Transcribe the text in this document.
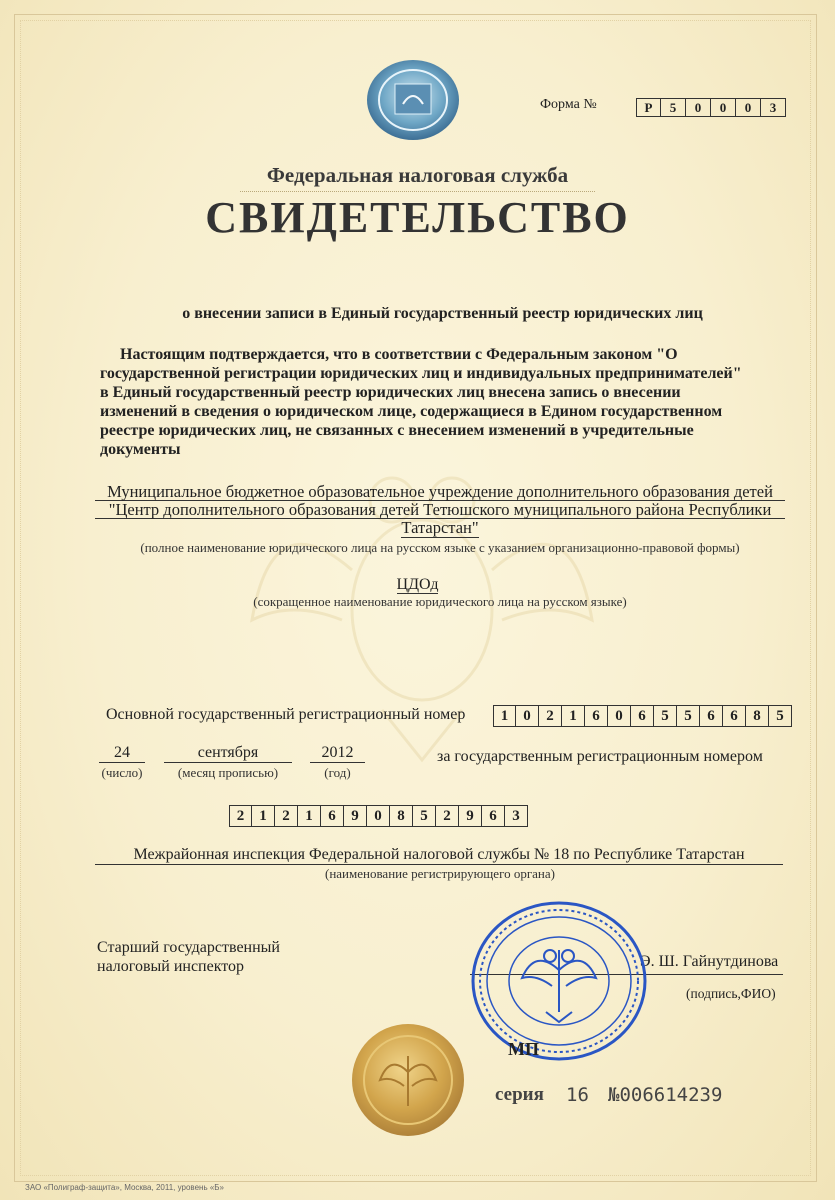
Форма №	Р	5	0	0	0	3
Федеральная налоговая служба
СВИДЕТЕЛЬСТВО
о внесении записи в Единый государственный реестр юридических лиц
Настоящим подтверждается, что в соответствии с Федеральным законом "О
государственной регистрации юридических лиц и индивидуальных предпринимателей"
в Единый государственный реестр юридических лиц внесена запись о внесении
изменений в сведения о юридическом лице, содержащиеся в Едином государственном
реестре юридических лиц, не связанных с внесением изменений в учредительные
документы
Муниципальное бюджетное образовательное учреждение дополнительного образования детей
"Центр дополнительного образования детей Тетюшского муниципального района Республики
Татарстан"
(полное наименование юридического лица на русском языке с указанием организационно-правовой формы)
ЦДОд
(сокращенное наименование юридического лица на русском языке)
Основной государственный регистрационный номер	1	0	2	1	6	0	6	5	5	6	6	8	5
24
(число)
сентября
(месяц прописью)
2012
(год)
за государственным регистрационным номером
2	1	2	1	6	9	0	8	5	2	9	6	3
Межрайонная инспекция Федеральной налоговой службы № 18 по Республике Татарстан
(наименование регистрирующего органа)
Старший государственный
налоговый инспектор	Э. Ш. Гайнутдинова
(подпись,ФИО)
МП
серия 16 №006614239
ЗАО «Полиграф-защита», Москва, 2011, уровень «Б»
